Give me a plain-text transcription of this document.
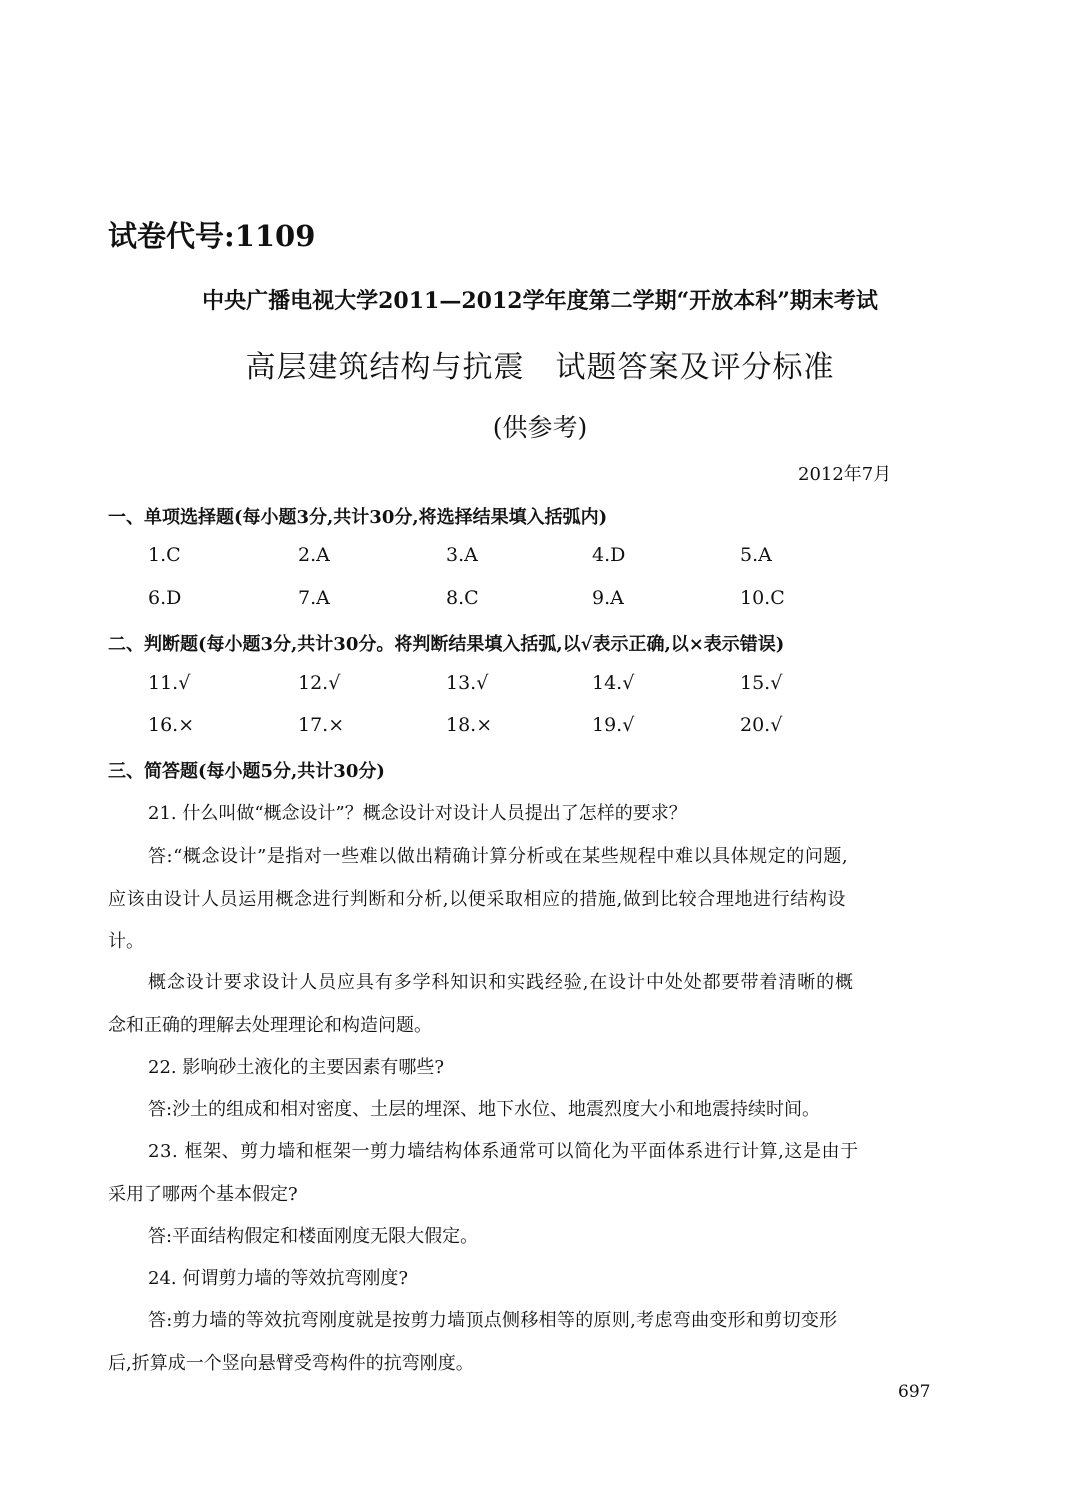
试卷代号:1109
中央广播电视大学2011—2012学年度第二学期“开放本科”期末考试
高层建筑结构与抗震　试题答案及评分标准
(供参考)
2012年7月
一、单项选择题(每小题3分,共计30分,将选择结果填入括弧内)
1.C	2.A	3.A	4.D	5.A
6.D	7.A	8.C	9.A	10.C
二、判断题(每小题3分,共计30分。将判断结果填入括弧,以√表示正确,以×表示错误)
11.√	12.√	13.√	14.√	15.√
16.×	17.×	18.×	19.√	20.√
三、简答题(每小题5分,共计30分)
21. 什么叫做“概念设计”？概念设计对设计人员提出了怎样的要求？
答:“概念设计”是指对一些难以做出精确计算分析或在某些规程中难以具体规定的问题,
应该由设计人员运用概念进行判断和分析,以便采取相应的措施,做到比较合理地进行结构设
计。
概念设计要求设计人员应具有多学科知识和实践经验,在设计中处处都要带着清晰的概
念和正确的理解去处理理论和构造问题。
22. 影响砂土液化的主要因素有哪些?
答:沙土的组成和相对密度、土层的埋深、地下水位、地震烈度大小和地震持续时间。
23. 框架、剪力墙和框架一剪力墙结构体系通常可以简化为平面体系进行计算,这是由于
采用了哪两个基本假定?
答:平面结构假定和楼面刚度无限大假定。
24. 何谓剪力墙的等效抗弯刚度?
答:剪力墙的等效抗弯刚度就是按剪力墙顶点侧移相等的原则,考虑弯曲变形和剪切变形
后,折算成一个竖向悬臂受弯构件的抗弯刚度。
697
